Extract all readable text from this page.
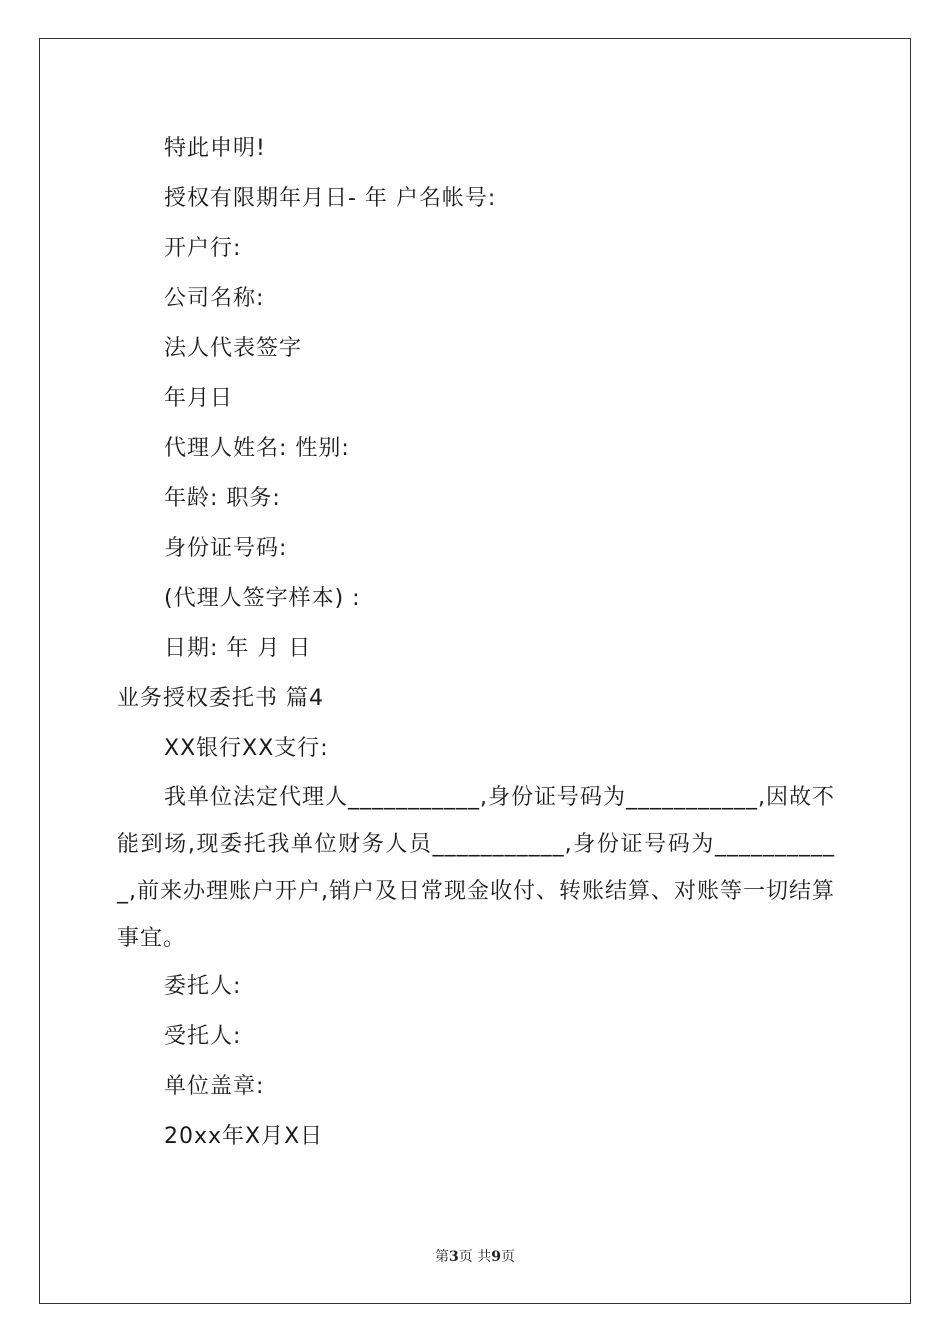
特此申明!
授权有限期年月日- 年 户名帐号:
开户行:
公司名称:
法人代表签字
年月日
代理人姓名: 性别:
年龄: 职务:
身份证号码:
(代理人签字样本) :
日期: 年 月 日
业务授权委托书 篇4
XX银行XX支行:

我单位法定代理人___________,身份证号码为___________,因故不能到场,现委托我单位财务人员___________,身份证号码为___________,前来办理账户开户,销户及日常现金收付、转账结算、对账等一切结算事宜。

委托人:
受托人:
单位盖章:
20xx年X月X日
第3页 共9页
